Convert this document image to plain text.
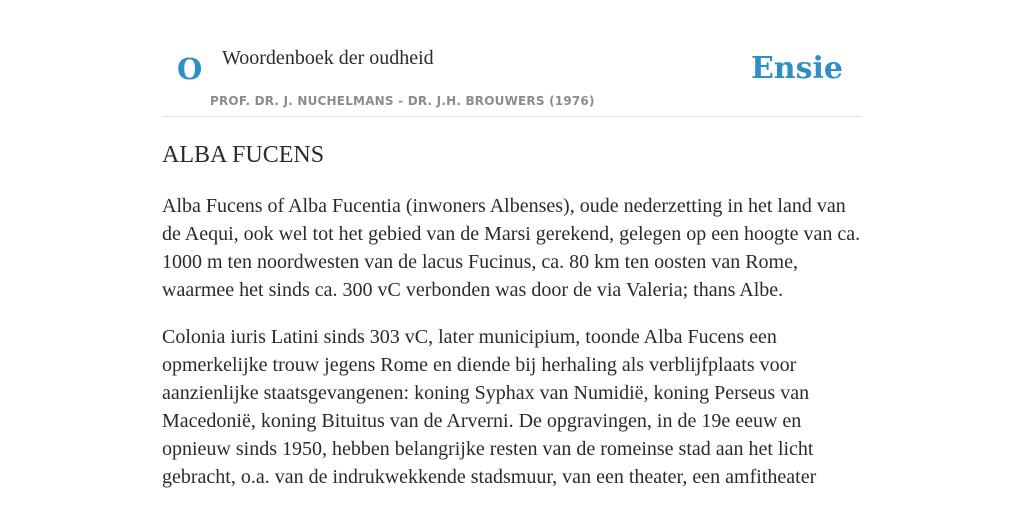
O Woordenboek der oudheid
PROF. DR. J. NUCHELMANS - DR. J.H. BROUWERS (1976)
Ensie
ALBA FUCENS

Alba Fucens of Alba Fucentia (inwoners Albenses), oude nederzetting in het land van de Aequi, ook wel tot het gebied van de Marsi gerekend, gelegen op een hoogte van ca. 1000 m ten noordwesten van de lacus Fucinus, ca. 80 km ten oosten van Rome, waarmee het sinds ca. 300 vC verbonden was door de via Valeria; thans Albe.

Colonia iuris Latini sinds 303 vC, later municipium, toonde Alba Fucens een opmerkelijke trouw jegens Rome en diende bij herhaling als verblijfplaats voor aanzienlijke staatsgevangenen: koning Syphax van Numidië, koning Perseus van Macedonië, koning Bituitus van de Arverni. De opgravingen, in de 19e eeuw en opnieuw sinds 1950, hebben belangrijke resten van de romeinse stad aan het licht gebracht, o.a. van de indrukwekkende stadsmuur, van een theater, een amfitheater
